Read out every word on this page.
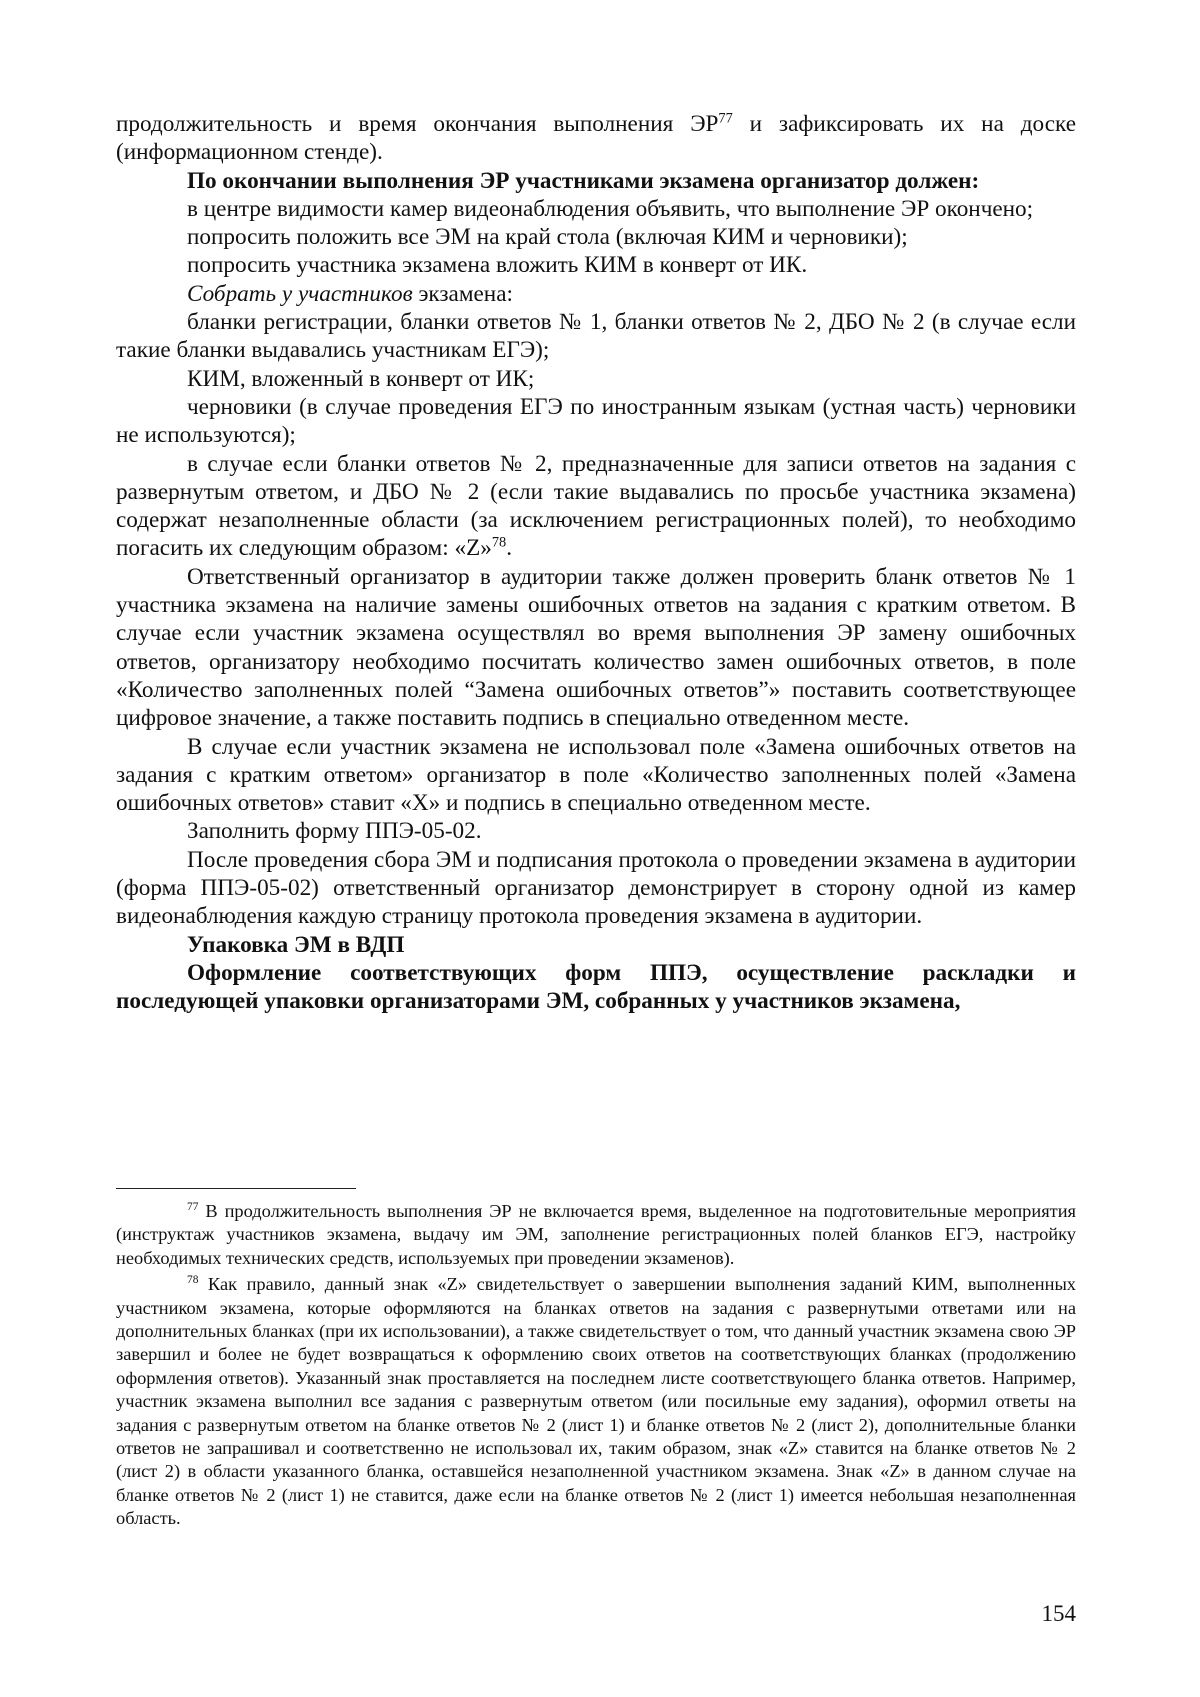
продолжительность и время окончания выполнения ЭР$^{77}$ и зафиксировать их на доске (информационном стенде).

По окончании выполнения ЭР участниками экзамена организатор должен:

в центре видимости камер видеонаблюдения объявить, что выполнение ЭР окончено;

попросить положить все ЭМ на край стола (включая КИМ и черновики);

попросить участника экзамена вложить КИМ в конверт от ИК.

Собрать у участников экзамена:

бланки регистрации, бланки ответов № 1, бланки ответов № 2, ДБО № 2 (в случае если такие бланки выдавались участникам ЕГЭ);

КИМ, вложенный в конверт от ИК;

черновики (в случае проведения ЕГЭ по иностранным языкам (устная часть) черновики не используются);

в случае если бланки ответов № 2, предназначенные для записи ответов на задания с развернутым ответом, и ДБО № 2 (если такие выдавались по просьбе участника экзамена) содержат незаполненные области (за исключением регистрационных полей), то необходимо погасить их следующим образом: «Z»$^{78}$.

Ответственный организатор в аудитории также должен проверить бланк ответов № 1 участника экзамена на наличие замены ошибочных ответов на задания с кратким ответом. В случае если участник экзамена осуществлял во время выполнения ЭР замену ошибочных ответов, организатору необходимо посчитать количество замен ошибочных ответов, в поле «Количество заполненных полей “Замена ошибочных ответов”» поставить соответствующее цифровое значение, а также поставить подпись в специально отведенном месте.

В случае если участник экзамена не использовал поле «Замена ошибочных ответов на задания с кратким ответом» организатор в поле «Количество заполненных полей «Замена ошибочных ответов» ставит «X» и подпись в специально отведенном месте.

Заполнить форму ППЭ-05-02.

После проведения сбора ЭМ и подписания протокола о проведении экзамена в аудитории (форма ППЭ-05-02) ответственный организатор демонстрирует в сторону одной из камер видеонаблюдения каждую страницу протокола проведения экзамена в аудитории.

Упаковка ЭМ в ВДП

Оформление соответствующих форм ППЭ, осуществление раскладки и последующей упаковки организаторами ЭМ, собранных у участников экзамена,

$^{77}$ В продолжительность выполнения ЭР не включается время, выделенное на подготовительные мероприятия (инструктаж участников экзамена, выдачу им ЭМ, заполнение регистрационных полей бланков ЕГЭ, настройку необходимых технических средств, используемых при проведении экзаменов).

$^{78}$ Как правило, данный знак «Z» свидетельствует о завершении выполнения заданий КИМ, выполненных участником экзамена, которые оформляются на бланках ответов на задания с развернутыми ответами или на дополнительных бланках (при их использовании), а также свидетельствует о том, что данный участник экзамена свою ЭР завершил и более не будет возвращаться к оформлению своих ответов на соответствующих бланках (продолжению оформления ответов). Указанный знак проставляется на последнем листе соответствующего бланка ответов. Например, участник экзамена выполнил все задания с развернутым ответом (или посильные ему задания), оформил ответы на задания с развернутым ответом на бланке ответов № 2 (лист 1) и бланке ответов № 2 (лист 2), дополнительные бланки ответов не запрашивал и соответственно не использовал их, таким образом, знак «Z» ставится на бланке ответов № 2 (лист 2) в области указанного бланка, оставшейся незаполненной участником экзамена. Знак «Z» в данном случае на бланке ответов № 2 (лист 1) не ставится, даже если на бланке ответов № 2 (лист 1) имеется небольшая незаполненная область.

154
